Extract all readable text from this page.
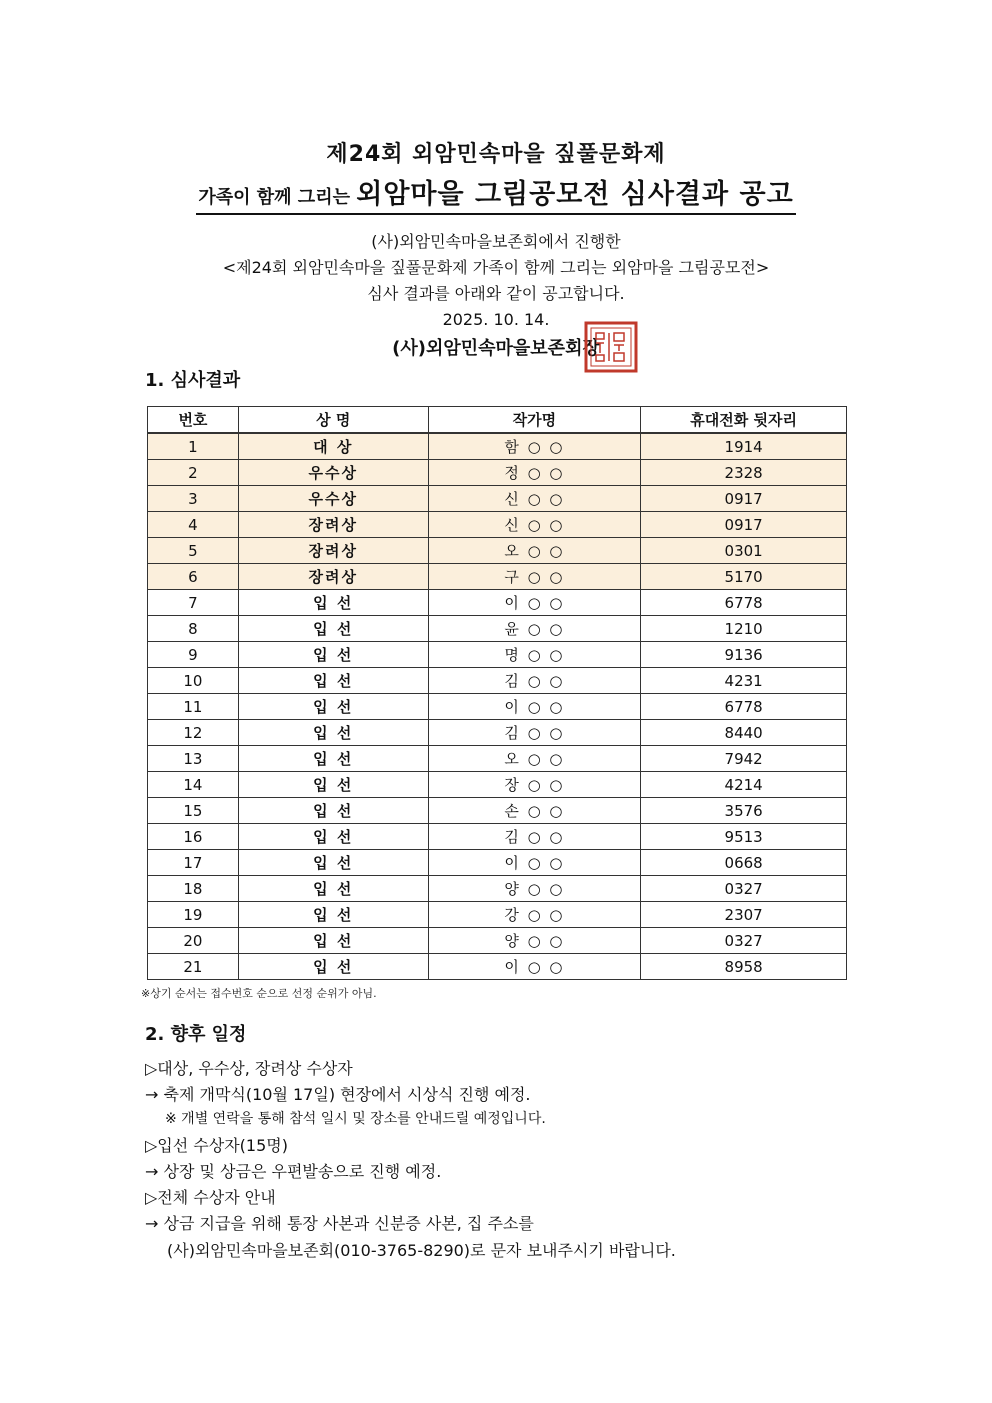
제24회 외암민속마을 짚풀문화제
가족이 함께 그리는 외암마을 그림공모전 심사결과 공고
(사)외암민속마을보존회에서 진행한
<제24회 외암민속마을 짚풀문화제 가족이 함께 그리는 외암마을 그림공모전>
심사 결과를 아래와 같이 공고합니다.
2025. 10. 14.
(사)외암민속마을보존회장
1. 심사결과
번호	상 명	작가명	휴대전화 뒷자리
1	대 상	함 ○ ○	1914
2	우수상	정 ○ ○	2328
3	우수상	신 ○ ○	0917
4	장려상	신 ○ ○	0917
5	장려상	오 ○ ○	0301
6	장려상	구 ○ ○	5170
7	입 선	이 ○ ○	6778
8	입 선	윤 ○ ○	1210
9	입 선	명 ○ ○	9136
10	입 선	김 ○ ○	4231
11	입 선	이 ○ ○	6778
12	입 선	김 ○ ○	8440
13	입 선	오 ○ ○	7942
14	입 선	장 ○ ○	4214
15	입 선	손 ○ ○	3576
16	입 선	김 ○ ○	9513
17	입 선	이 ○ ○	0668
18	입 선	양 ○ ○	0327
19	입 선	강 ○ ○	2307
20	입 선	양 ○ ○	0327
21	입 선	이 ○ ○	8958
※상기 순서는 접수번호 순으로 선정 순위가 아님.
2. 향후 일정
▷대상, 우수상, 장려상 수상자
→ 축제 개막식(10월 17일) 현장에서 시상식 진행 예정.
※ 개별 연락을 통해 참석 일시 및 장소를 안내드릴 예정입니다.
▷입선 수상자(15명)
→ 상장 및 상금은 우편발송으로 진행 예정.
▷전체 수상자 안내
→ 상금 지급을 위해 통장 사본과 신분증 사본, 집 주소를
(사)외암민속마을보존회(010-3765-8290)로 문자 보내주시기 바랍니다.
